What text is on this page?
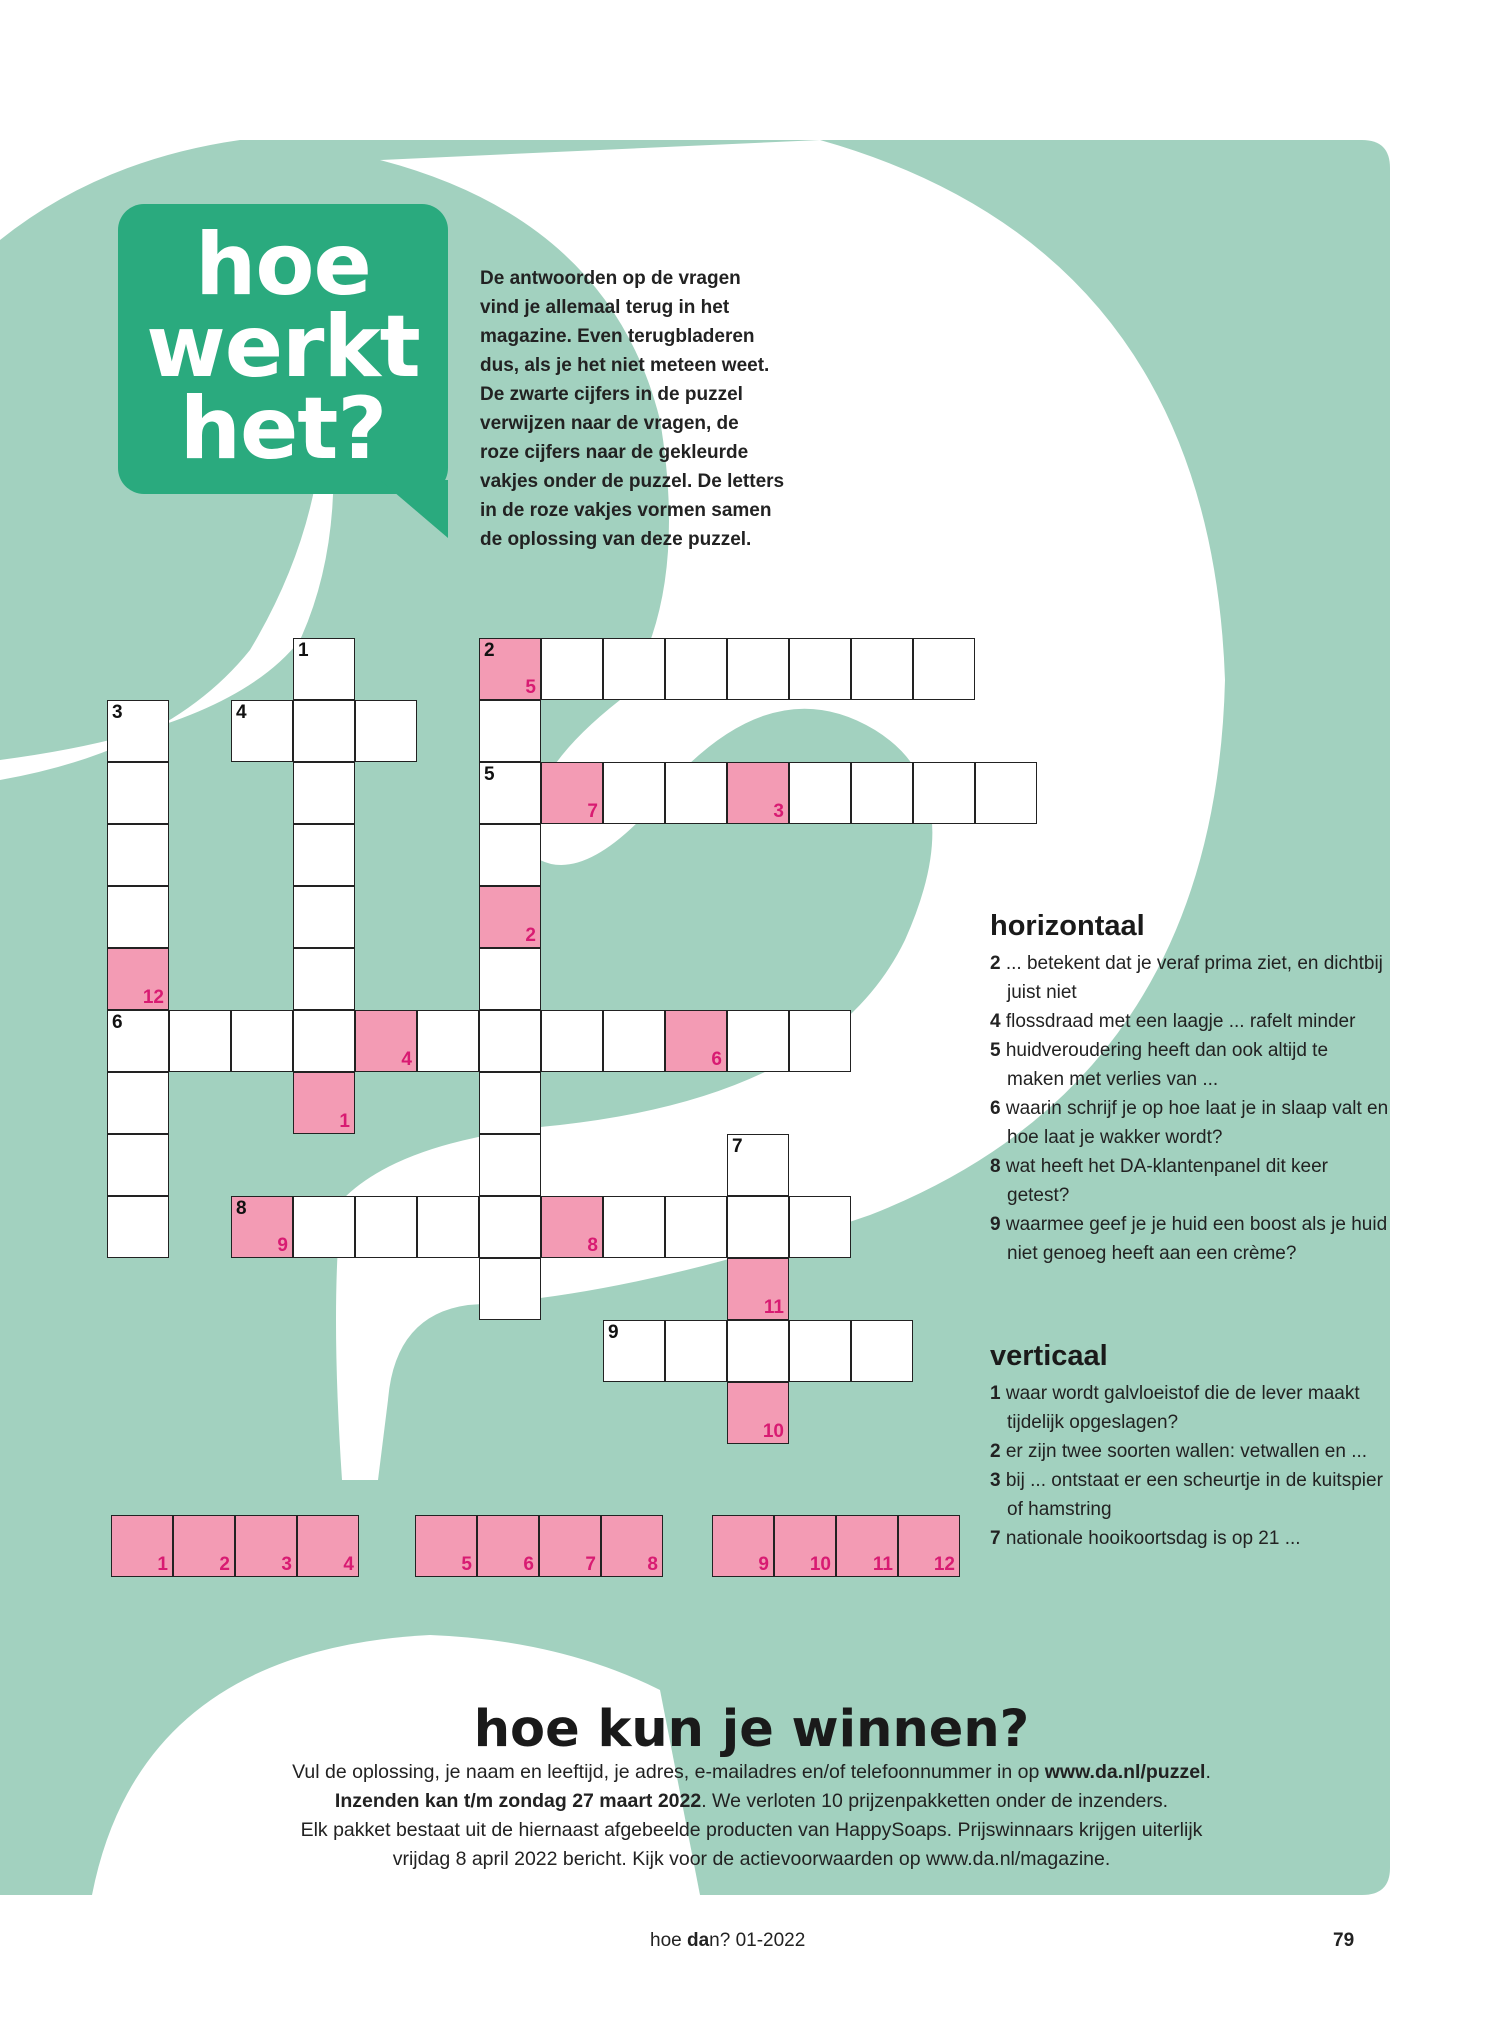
hoe
werkt
het?
De antwoorden op de vragen
vind je allemaal terug in het
magazine. Even terugbladeren
dus, als je het niet meteen weet.
De zwarte cijfers in de puzzel
verwijzen naar de vragen, de
roze cijfers naar de gekleurde
vakjes onder de puzzel. De letters
in de roze vakjes vormen samen
de oplossing van deze puzzel.
1
1
2
5
5
2
3
12
6
4
7	3
4	6
7
11
10
8
9	8
9
1	2	3	4	5	6	7	8	9 10 11 12
horizontaal
2 ... betekent dat je veraf prima ziet, en dichtbij juist niet
4 flossdraad met een laagje ... rafelt minder
5 huidveroudering heeft dan ook altijd te maken met verlies van ...
6 waarin schrijf je op hoe laat je in slaap valt en hoe laat je wakker wordt?
8 wat heeft het DA-klantenpanel dit keer getest?
9 waarmee geef je je huid een boost als je huid niet genoeg heeft aan een crème?
verticaal
1 waar wordt galvloeistof die de lever maakt tijdelijk opgeslagen?
2 er zijn twee soorten wallen: vetwallen en ...
3 bij ... ontstaat er een scheurtje in de kuitspier of hamstring
7 nationale hooikoortsdag is op 21 ...
hoe kun je winnen?
Vul de oplossing, je naam en leeftijd, je adres, e-mailadres en/of telefoonnummer in op www.da.nl/puzzel.
Inzenden kan t/m zondag 27 maart 2022. We verloten 10 prijzenpakketten onder de inzenders.
Elk pakket bestaat uit de hiernaast afgebeelde producten van HappySoaps. Prijswinnaars krijgen uiterlijk
vrijdag 8 april 2022 bericht. Kijk voor de actievoorwaarden op www.da.nl/magazine.
hoe dan? 01-2022	79
